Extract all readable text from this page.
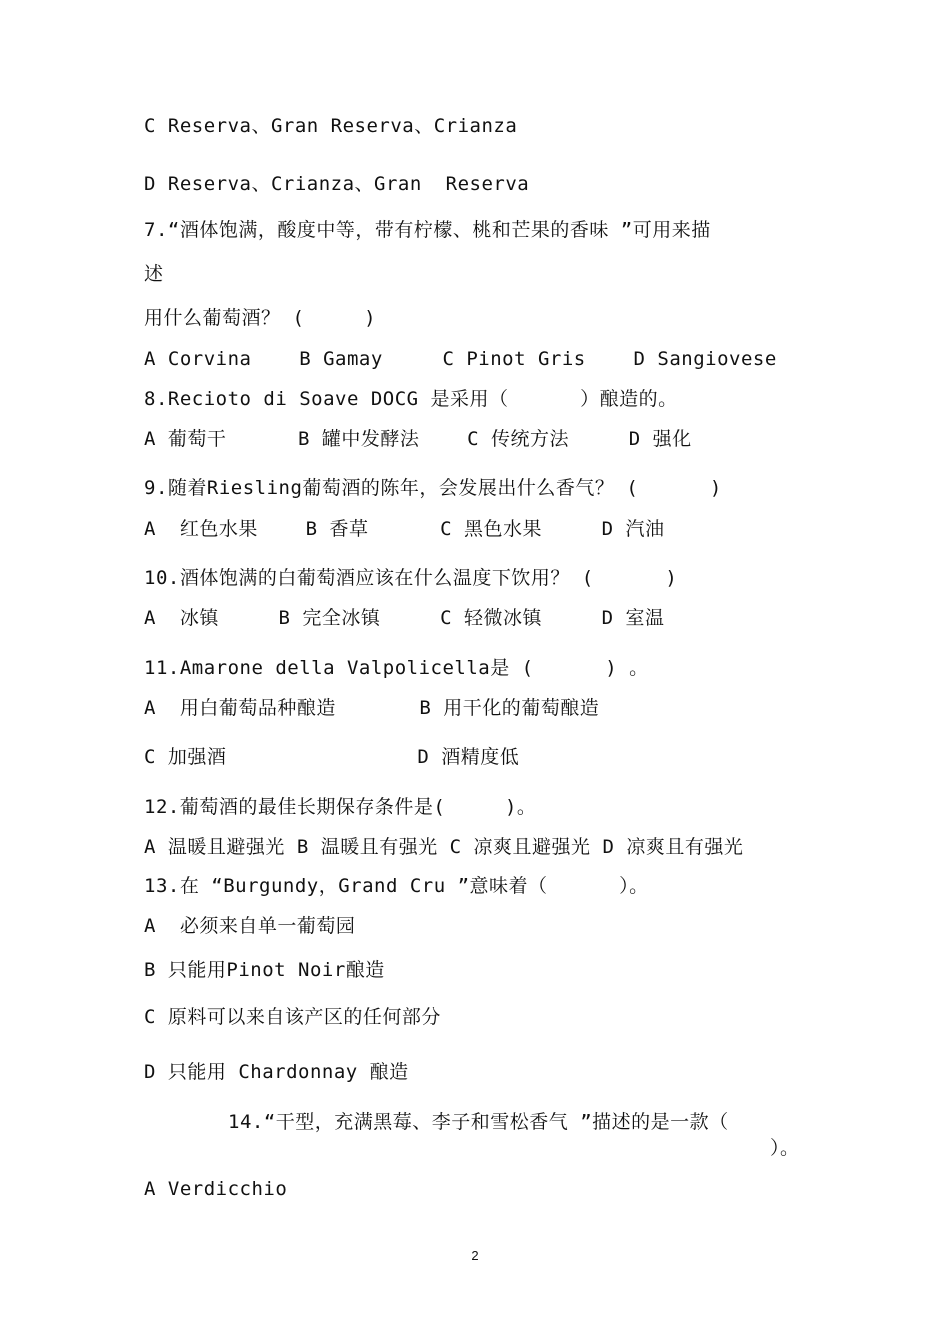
C Reserva、Gran Reserva、Crianza
D Reserva、Crianza、Gran  Reserva
7.“酒体饱满，酸度中等，带有柠檬、桃和芒果的香味 ”可用来描
述
用什么葡萄酒？ (     )
A Corvina    B Gamay     C Pinot Gris    D Sangiovese
8.Recioto di Soave DOCG 是采用（      ）酿造的。
A 葡萄干      B 罐中发酵法    C 传统方法     D 强化
9.随着Riesling葡萄酒的陈年，会发展出什么香气？ (      )
A  红色水果    B 香草      C 黑色水果     D 汽油
10.酒体饱满的白葡萄酒应该在什么温度下饮用？ (      )
A  冰镇     B 完全冰镇     C 轻微冰镇     D 室温
11.Amarone della Valpolicella是 (      ) 。
A  用白葡萄品种酿造       B 用干化的葡萄酿造
C 加强酒                D 酒精度低
12.葡萄酒的最佳长期保存条件是(     )。
A 温暖且避强光 B 温暖且有强光 C 凉爽且避强光 D 凉爽且有强光
13.在 “Burgundy，Grand Cru ”意味着（      ）。
A  必须来自单一葡萄园
B 只能用Pinot Noir酿造
C 原料可以来自该产区的任何部分
D 只能用 Chardonnay 酿造
14.“干型，充满黑莓、李子和雪松香气 ”描述的是一款（
）。
A Verdicchio
2
